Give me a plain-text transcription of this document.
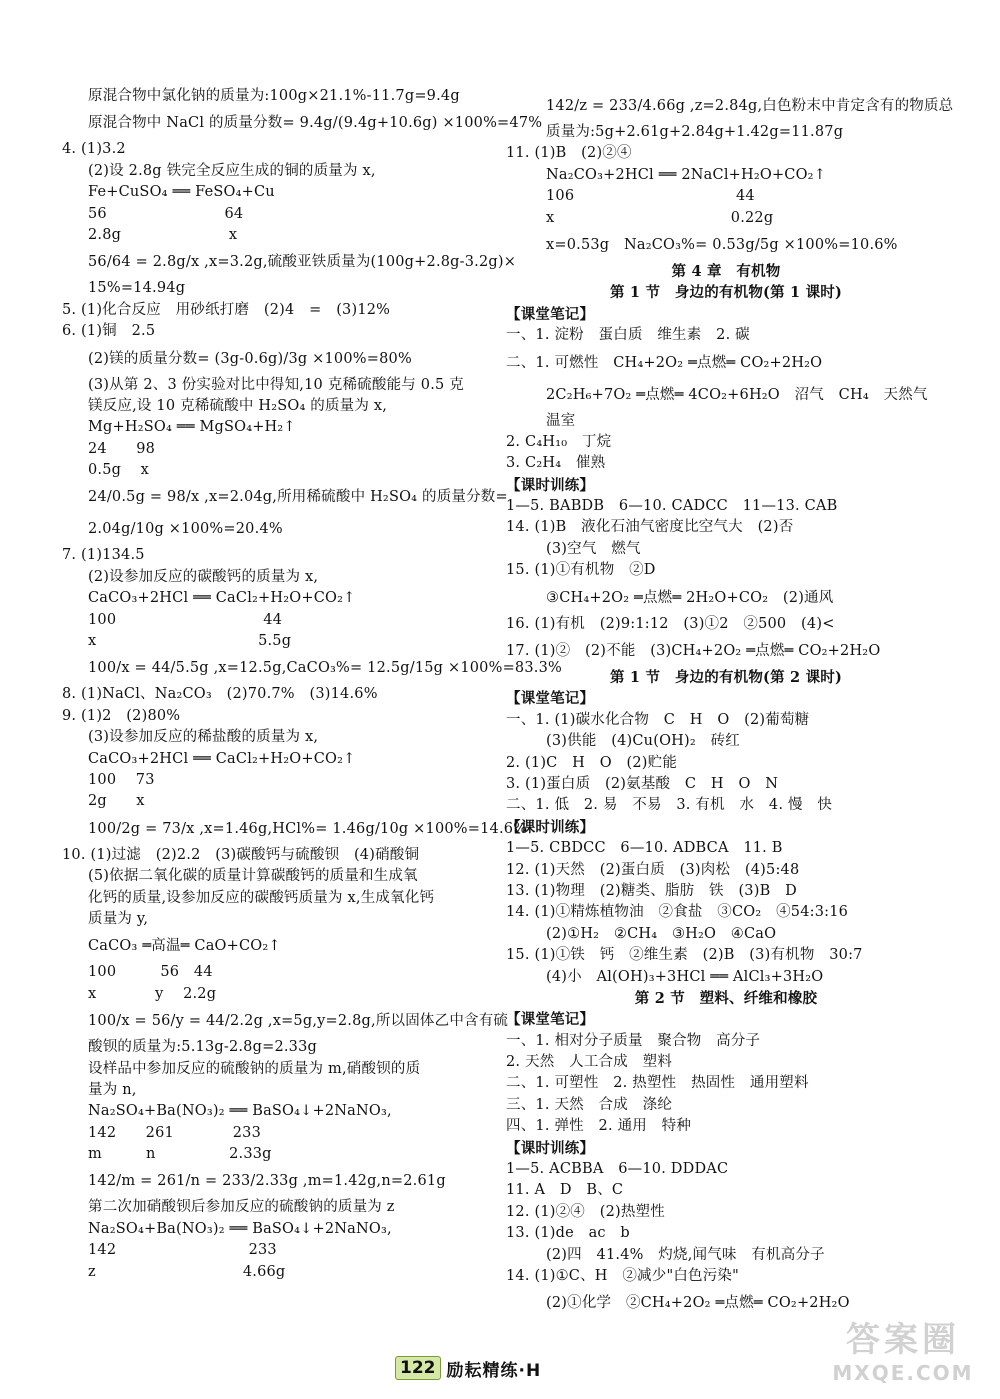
原混合物中氯化钠的质量为:100g×21.1%-11.7g=9.4g
原混合物中 NaCl 的质量分数= 9.4g/(9.4g+10.6g) ×100%=47%
4. (1)3.2
(2)设 2.8g 铁完全反应生成的铜的质量为 x,
Fe+CuSO₄ ══ FeSO₄+Cu
56　　　　　　　　64
2.8g　　　　　　　 x
56/64 = 2.8g/x ,x=3.2g,硫酸亚铁质量为(100g+2.8g-3.2g)×
15%=14.94g
5. (1)化合反应　用砂纸打磨　(2)4　=　(3)12%
6. (1)铜　2.5
(2)镁的质量分数= (3g-0.6g)/3g ×100%=80%
(3)从第 2、3 份实验对比中得知,10 克稀硫酸能与 0.5 克
镁反应,设 10 克稀硫酸中 H₂SO₄ 的质量为 x,
Mg+H₂SO₄ ══ MgSO₄+H₂↑
24　　98
0.5g　 x
24/0.5g = 98/x ,x=2.04g,所用稀硫酸中 H₂SO₄ 的质量分数=
2.04g/10g ×100%=20.4%
7. (1)134.5
(2)设参加反应的碳酸钙的质量为 x,
CaCO₃+2HCl ══ CaCl₂+H₂O+CO₂↑
100　　　　　　　　　　44
x　　　　　　　　　　　5.5g
100/x = 44/5.5g ,x=12.5g,CaCO₃%= 12.5g/15g ×100%=83.3%
8. (1)NaCl、Na₂CO₃　(2)70.7%　(3)14.6%
9. (1)2　(2)80%
(3)设参加反应的稀盐酸的质量为 x,
CaCO₃+2HCl ══ CaCl₂+H₂O+CO₂↑
100　 73
2g　　x
100/2g = 73/x ,x=1.46g,HCl%= 1.46g/10g ×100%=14.6%
10. (1)过滤　(2)2.2　(3)碳酸钙与硫酸钡　(4)硝酸铜
(5)依据二氧化碳的质量计算碳酸钙的质量和生成氧
化钙的质量,设参加反应的碳酸钙质量为 x,生成氧化钙
质量为 y,
CaCO₃ ═高温═ CaO+CO₂↑
100　　　56　44
x　　　　y　 2.2g
100/x = 56/y = 44/2.2g ,x=5g,y=2.8g,所以固体乙中含有硫
酸钡的质量为:5.13g-2.8g=2.33g
设样品中参加反应的硫酸钠的质量为 m,硝酸钡的质
量为 n,
Na₂SO₄+Ba(NO₃)₂ ══ BaSO₄↓+2NaNO₃,
142　　261　　　　233
m　　　n　　　　　2.33g
142/m = 261/n = 233/2.33g ,m=1.42g,n=2.61g
第二次加硝酸钡后参加反应的硫酸钠的质量为 z
Na₂SO₄+Ba(NO₃)₂ ══ BaSO₄↓+2NaNO₃,
142　　　　　　　　　233
z　　　　　　　　　　4.66g
142/z = 233/4.66g ,z=2.84g,白色粉末中肯定含有的物质总
质量为:5g+2.61g+2.84g+1.42g=11.87g
11. (1)B　(2)②④
Na₂CO₃+2HCl ══ 2NaCl+H₂O+CO₂↑
106　　　　　　　　　　　44
x　　　　　　　　　　　　0.22g
x=0.53g　Na₂CO₃%= 0.53g/5g ×100%=10.6%
第 4 章　有机物
第 1 节　身边的有机物(第 1 课时)
【课堂笔记】
一、1. 淀粉　蛋白质　维生素　2. 碳
二、1. 可燃性　CH₄+2O₂ ═点燃═ CO₂+2H₂O
2C₂H₆+7O₂ ═点燃═ 4CO₂+6H₂O　沼气　CH₄　天然气
温室
2. C₄H₁₀　丁烷
3. C₂H₄　催熟
【课时训练】
1—5. BABDB　6—10. CADCC　11—13. CAB
14. (1)B　液化石油气密度比空气大　(2)否
(3)空气　燃气
15. (1)①有机物　②D
③CH₄+2O₂ ═点燃═ 2H₂O+CO₂　(2)通风
16. (1)有机　(2)9:1:12　(3)①2　②500　(4)<
17. (1)②　(2)不能　(3)CH₄+2O₂ ═点燃═ CO₂+2H₂O
第 1 节　身边的有机物(第 2 课时)
【课堂笔记】
一、1. (1)碳水化合物　C　H　O　(2)葡萄糖
(3)供能　(4)Cu(OH)₂　砖红
2. (1)C　H　O　(2)贮能
3. (1)蛋白质　(2)氨基酸　C　H　O　N
二、1. 低　2. 易　不易　3. 有机　水　4. 慢　快
【课时训练】
1—5. CBDCC　6—10. ADBCA　11. B
12. (1)天然　(2)蛋白质　(3)肉松　(4)5:48
13. (1)物理　(2)糖类、脂肪　铁　(3)B　D
14. (1)①精炼植物油　②食盐　③CO₂　④54:3:16
(2)①H₂　②CH₄　③H₂O　④CaO
15. (1)①铁　钙　②维生素　(2)B　(3)有机物　30:7
(4)小　Al(OH)₃+3HCl ══ AlCl₃+3H₂O
第 2 节　塑料、纤维和橡胶
【课堂笔记】
一、1. 相对分子质量　聚合物　高分子
2. 天然　人工合成　塑料
二、1. 可塑性　2. 热塑性　热固性　通用塑料
三、1. 天然　合成　涤纶
四、1. 弹性　2. 通用　特种
【课时训练】
1—5. ACBBA　6—10. DDDAC
11. A　D　B、C
12. (1)②④　(2)热塑性
13. (1)de　ac　b
(2)四　41.4%　灼烧,闻气味　有机高分子
14. (1)①C、H　②减少"白色污染"
(2)①化学　②CH₄+2O₂ ═点燃═ CO₂+2H₂O
122 励耘精练·H
答案圈
MXQE.COM
